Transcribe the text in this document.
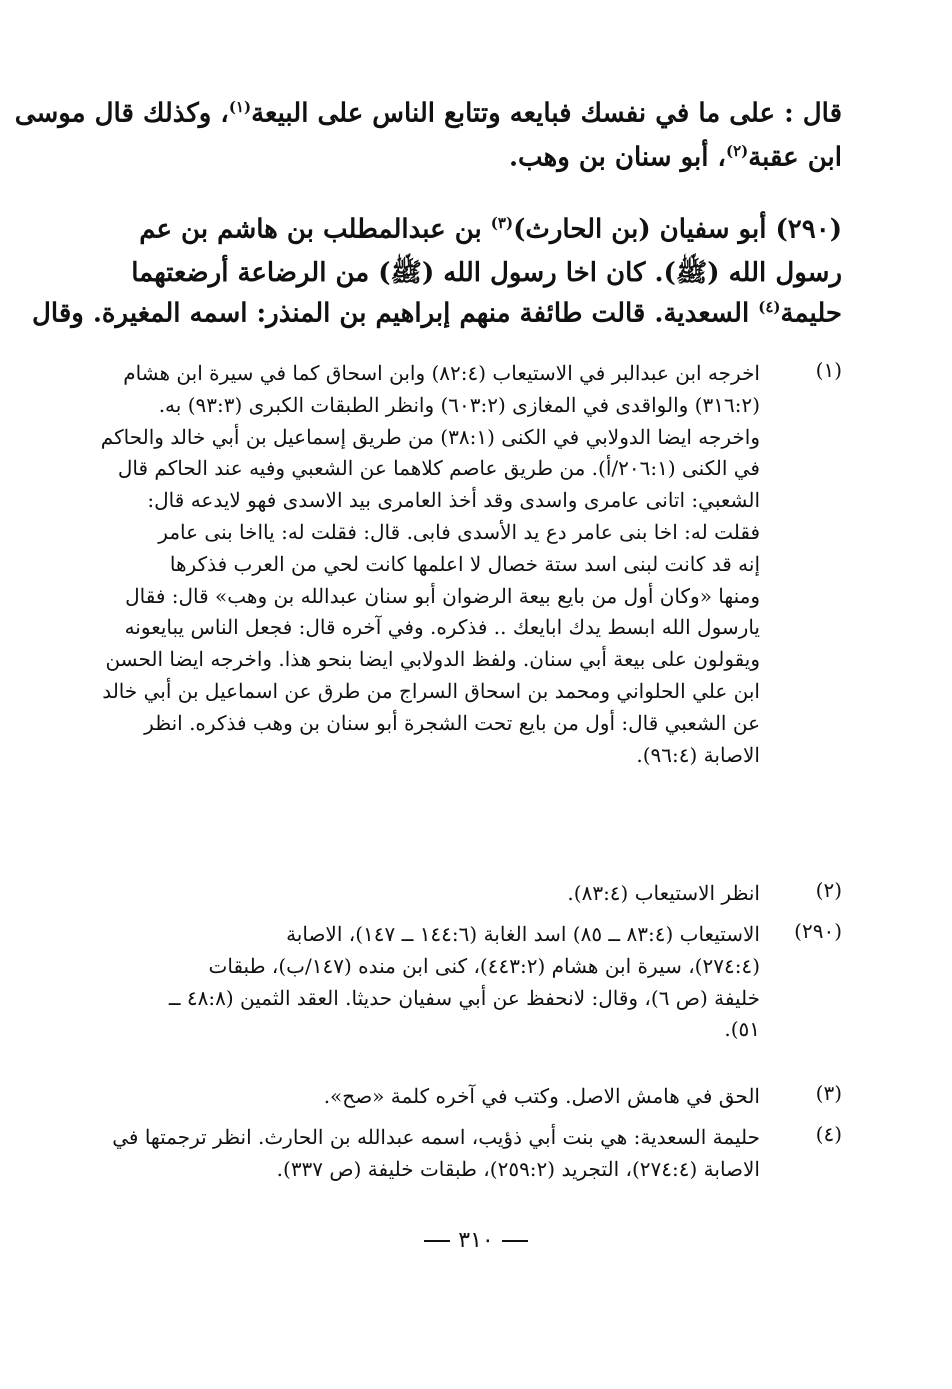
قال : على ما في نفسك فبايعه وتتابع الناس على البيعة$^{(١)}$، وكذلك قال موسى

ابن عقبة$^{(٢)}$، أبو سنان بن وهب.

(٢٩٠) أبو سفيان (بن الحارث)$^{(٣)}$ بن عبدالمطلب بن هاشم بن عم

رسول الله (ﷺ). كان اخا رسول الله (ﷺ) من الرضاعة أرضعتهما

حليمة$^{(٤)}$ السعدية. قالت طائفة منهم إبراهيم بن المنذر: اسمه المغيرة. وقال

(١)
اخرجه ابن عبدالبر في الاستيعاب (٨٢:٤) وابن اسحاق كما في سيرة ابن هشام
(٣١٦:٢) والواقدى في المغازى (٦٠٣:٢) وانظر الطبقات الكبرى (٩٣:٣) به.
واخرجه ايضا الدولابي في الكنى (٣٨:١) من طريق إسماعيل بن أبي خالد والحاكم
في الكنى (٢٠٦:١/أ). من طريق عاصم كلاهما عن الشعبي وفيه عند الحاكم قال
الشعبي: اتانى عامرى واسدى وقد أخذ العامرى بيد الاسدى فهو لايدعه قال:
فقلت له: اخا بنى عامر دع يد الأسدى فابى. قال: فقلت له: يااخا بنى عامر
إنه قد كانت لبنى اسد ستة خصال لا اعلمها كانت لحي من العرب فذكرها
ومنها «وكان أول من بايع بيعة الرضوان أبو سنان عبدالله بن وهب» قال: فقال
يارسول الله ابسط يدك ابايعك .. فذكره. وفي آخره قال: فجعل الناس يبايعونه
ويقولون على بيعة أبي سنان. ولفظ الدولابي ايضا بنحو هذا. واخرجه ايضا الحسن
ابن علي الحلواني ومحمد بن اسحاق السراج من طرق عن اسماعيل بن أبي خالد
عن الشعبي قال: أول من بايع تحت الشجرة أبو سنان بن وهب فذكره. انظر
الاصابة (٩٦:٤).
(٢)
انظر الاستيعاب (٨٣:٤).
(٢٩٠)
الاستيعاب (٨٣:٤ ــ ٨٥) اسد الغابة (١٤٤:٦ ــ ١٤٧)، الاصابة
(٢٧٤:٤)، سيرة ابن هشام (٤٤٣:٢)، كنى ابن منده (١٤٧/ب)، طبقات
خليفة (ص ٦)، وقال: لانحفظ عن أبي سفيان حديثا. العقد الثمين (٤٨:٨ ــ
٥١).
(٣)
الحق في هامش الاصل. وكتب في آخره كلمة «صح».
(٤)
حليمة السعدية: هي بنت أبي ذؤيب، اسمه عبدالله بن الحارث. انظر ترجمتها في
الاصابة (٢٧٤:٤)، التجريد (٢٥٩:٢)، طبقات خليفة (ص ٣٣٧).
٣١٠
